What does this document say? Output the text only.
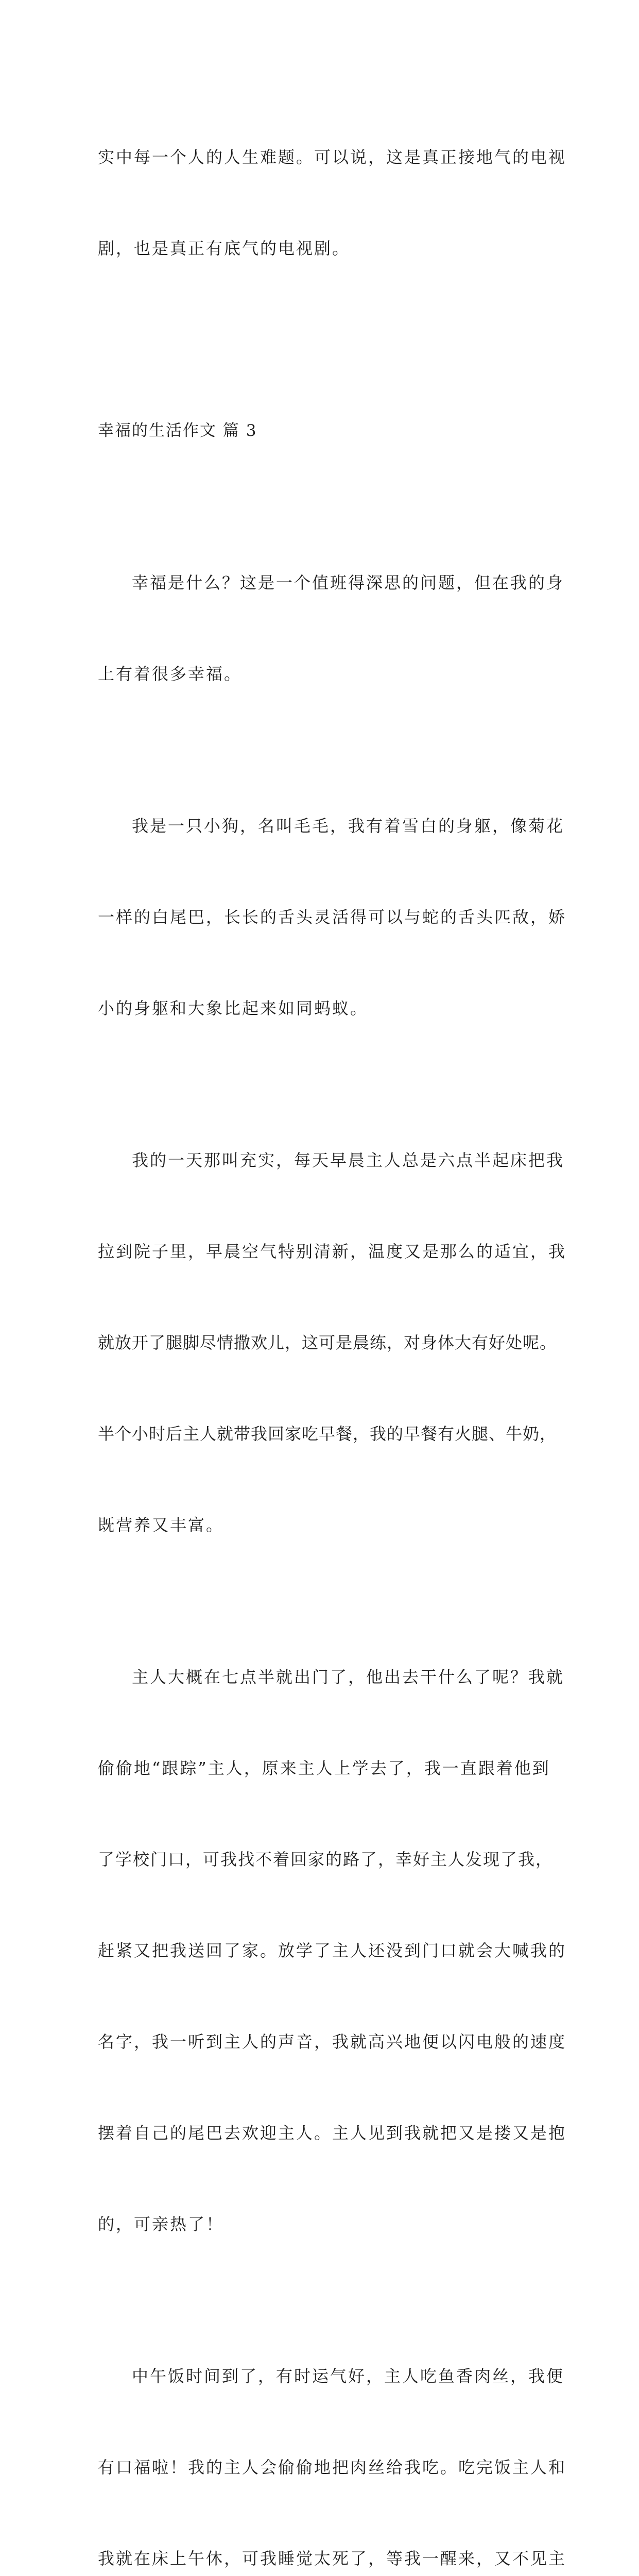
实中每一个人的人生难题。可以说，这是真正接地气的电视

剧，也是真正有底气的电视剧。

幸福的生活作文 篇 3

幸福是什么？这是一个值班得深思的问题，但在我的身

上有着很多幸福。

我是一只小狗，名叫毛毛，我有着雪白的身躯，像菊花

一样的白尾巴，长长的舌头灵活得可以与蛇的舌头匹敌，娇

小的身躯和大象比起来如同蚂蚁。

我的一天那叫充实，每天早晨主人总是六点半起床把我

拉到院子里，早晨空气特别清新，温度又是那么的适宜，我

就放开了腿脚尽情撒欢儿，这可是晨练，对身体大有好处呢。

半个小时后主人就带我回家吃早餐，我的早餐有火腿、牛奶，

既营养又丰富。

主人大概在七点半就出门了，他出去干什么了呢？我就

偷偷地“跟踪”主人，原来主人上学去了，我一直跟着他到

了学校门口，可我找不着回家的路了，幸好主人发现了我，

赶紧又把我送回了家。放学了主人还没到门口就会大喊我的

名字，我一听到主人的声音，我就高兴地便以闪电般的速度

摆着自己的尾巴去欢迎主人。主人见到我就把又是搂又是抱

的，可亲热了！

中午饭时间到了，有时运气好，主人吃鱼香肉丝，我便

有口福啦！我的主人会偷偷地把肉丝给我吃。吃完饭主人和

我就在床上午休，可我睡觉太死了，等我一醒来，又不见主
